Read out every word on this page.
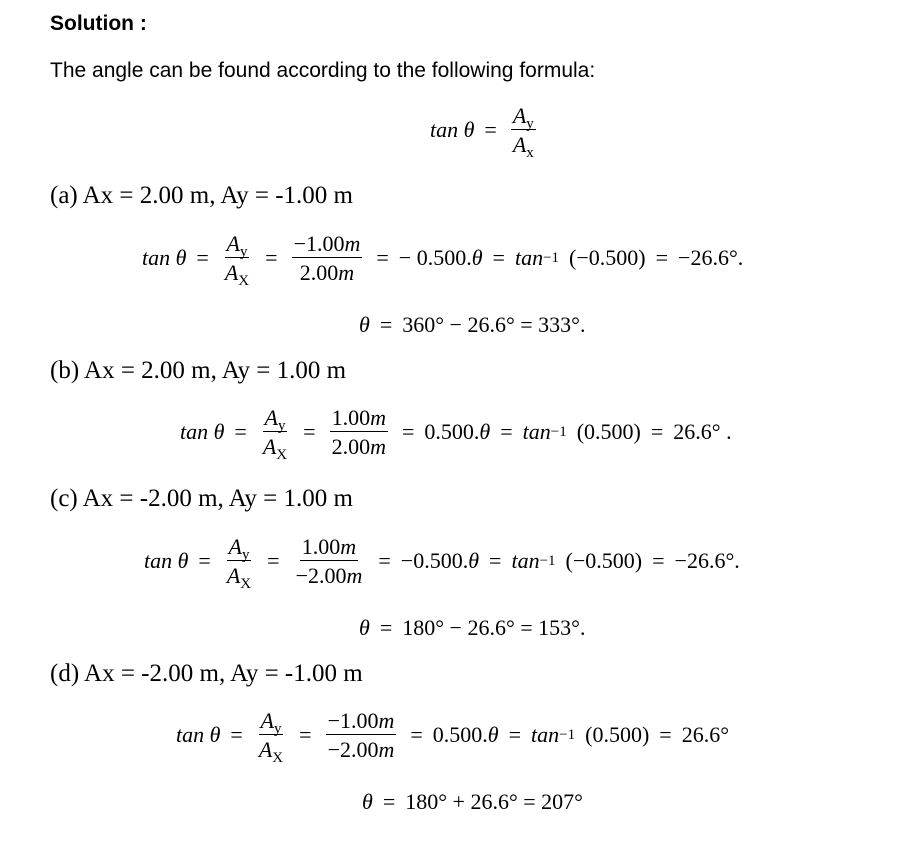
Solution :
The angle can be found according to the following formula:
$\tan \theta = \frac{A_y}{A_x}$
(a) Ax = 2.00 m, Ay = -1.00 m
$\tan \theta = \frac{A_y}{A_X} = \frac{-1.00m}{2.00m}$ = − 0.500. θ = tan −1 (−0.500) = −26.6°.
θ = 360° − 26.6° = 333°.
(b) Ax = 2.00 m, Ay = 1.00 m
$\tan \theta = \frac{A_y}{A_X} = \frac{1.00m}{2.00m} = 0.500$. θ = tan −1 (0.500) = 26.6° .
(c) Ax = -2.00 m, Ay = 1.00 m
$\tan \theta = \frac{A_y}{A_X} = \frac{1.00m}{-2.00m} = -0.500$. θ = tan −1 (−0.500) = −26.6°.
θ = 180° − 26.6° = 153°.
(d) Ax = -2.00 m, Ay = -1.00 m
$\tan \theta = \frac{A_y}{A_X} = \frac{-1.00m}{-2.00m} = 0.500$. θ = tan −1 (0.500) = 26.6°
θ = 180° + 26.6° = 207°
